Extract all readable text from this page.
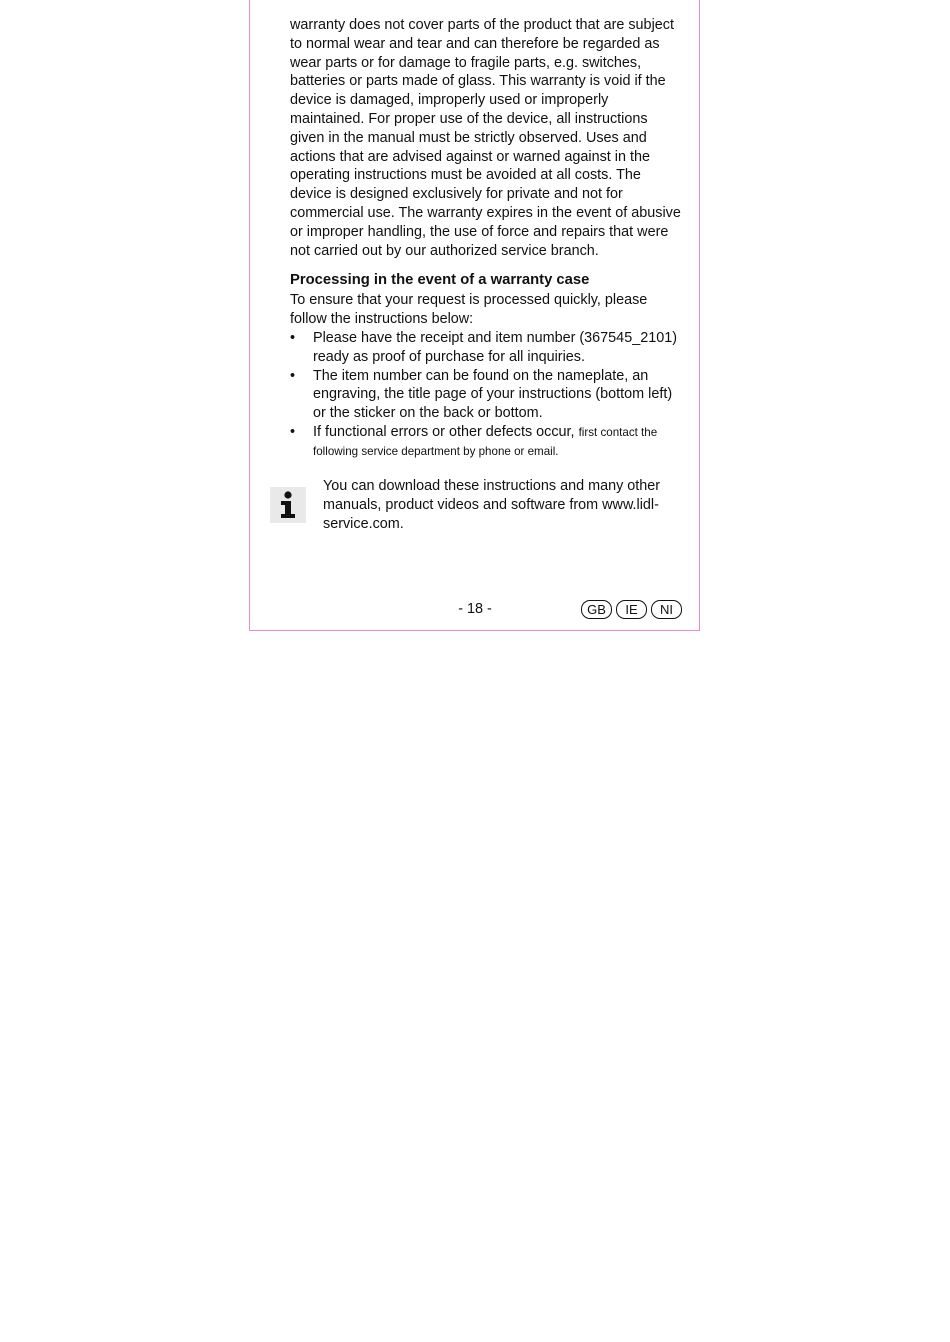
warranty does not cover parts of the product that are subject to normal wear and tear and can therefore be regarded as wear parts or for damage to fragile parts, e.g. switches, batteries or parts made of glass. This warranty is void if the device is damaged, improperly used or improperly maintained. For proper use of the device, all instructions given in the manual must be strictly observed. Uses and actions that are advised against or warned against in the operating instructions must be avoided at all costs. The device is designed exclusively for private and not for commercial use. The warranty expires in the event of abusive or improper handling, the use of force and repairs that were not carried out by our authorized service branch.

Processing in the event of a warranty case

To ensure that your request is processed quickly, please follow the instructions below:

• Please have the receipt and item number (367545_2101) ready as proof of purchase for all inquiries.
• The item number can be found on the nameplate, an engraving, the title page of your instructions (bottom left) or the sticker on the back or bottom.
• If functional errors or other defects occur, first contact the following service department by phone or email.
You can download these instructions and many other manuals, product videos and software from www.lidl-service.com.
- 18 -	GB	IE	NI
